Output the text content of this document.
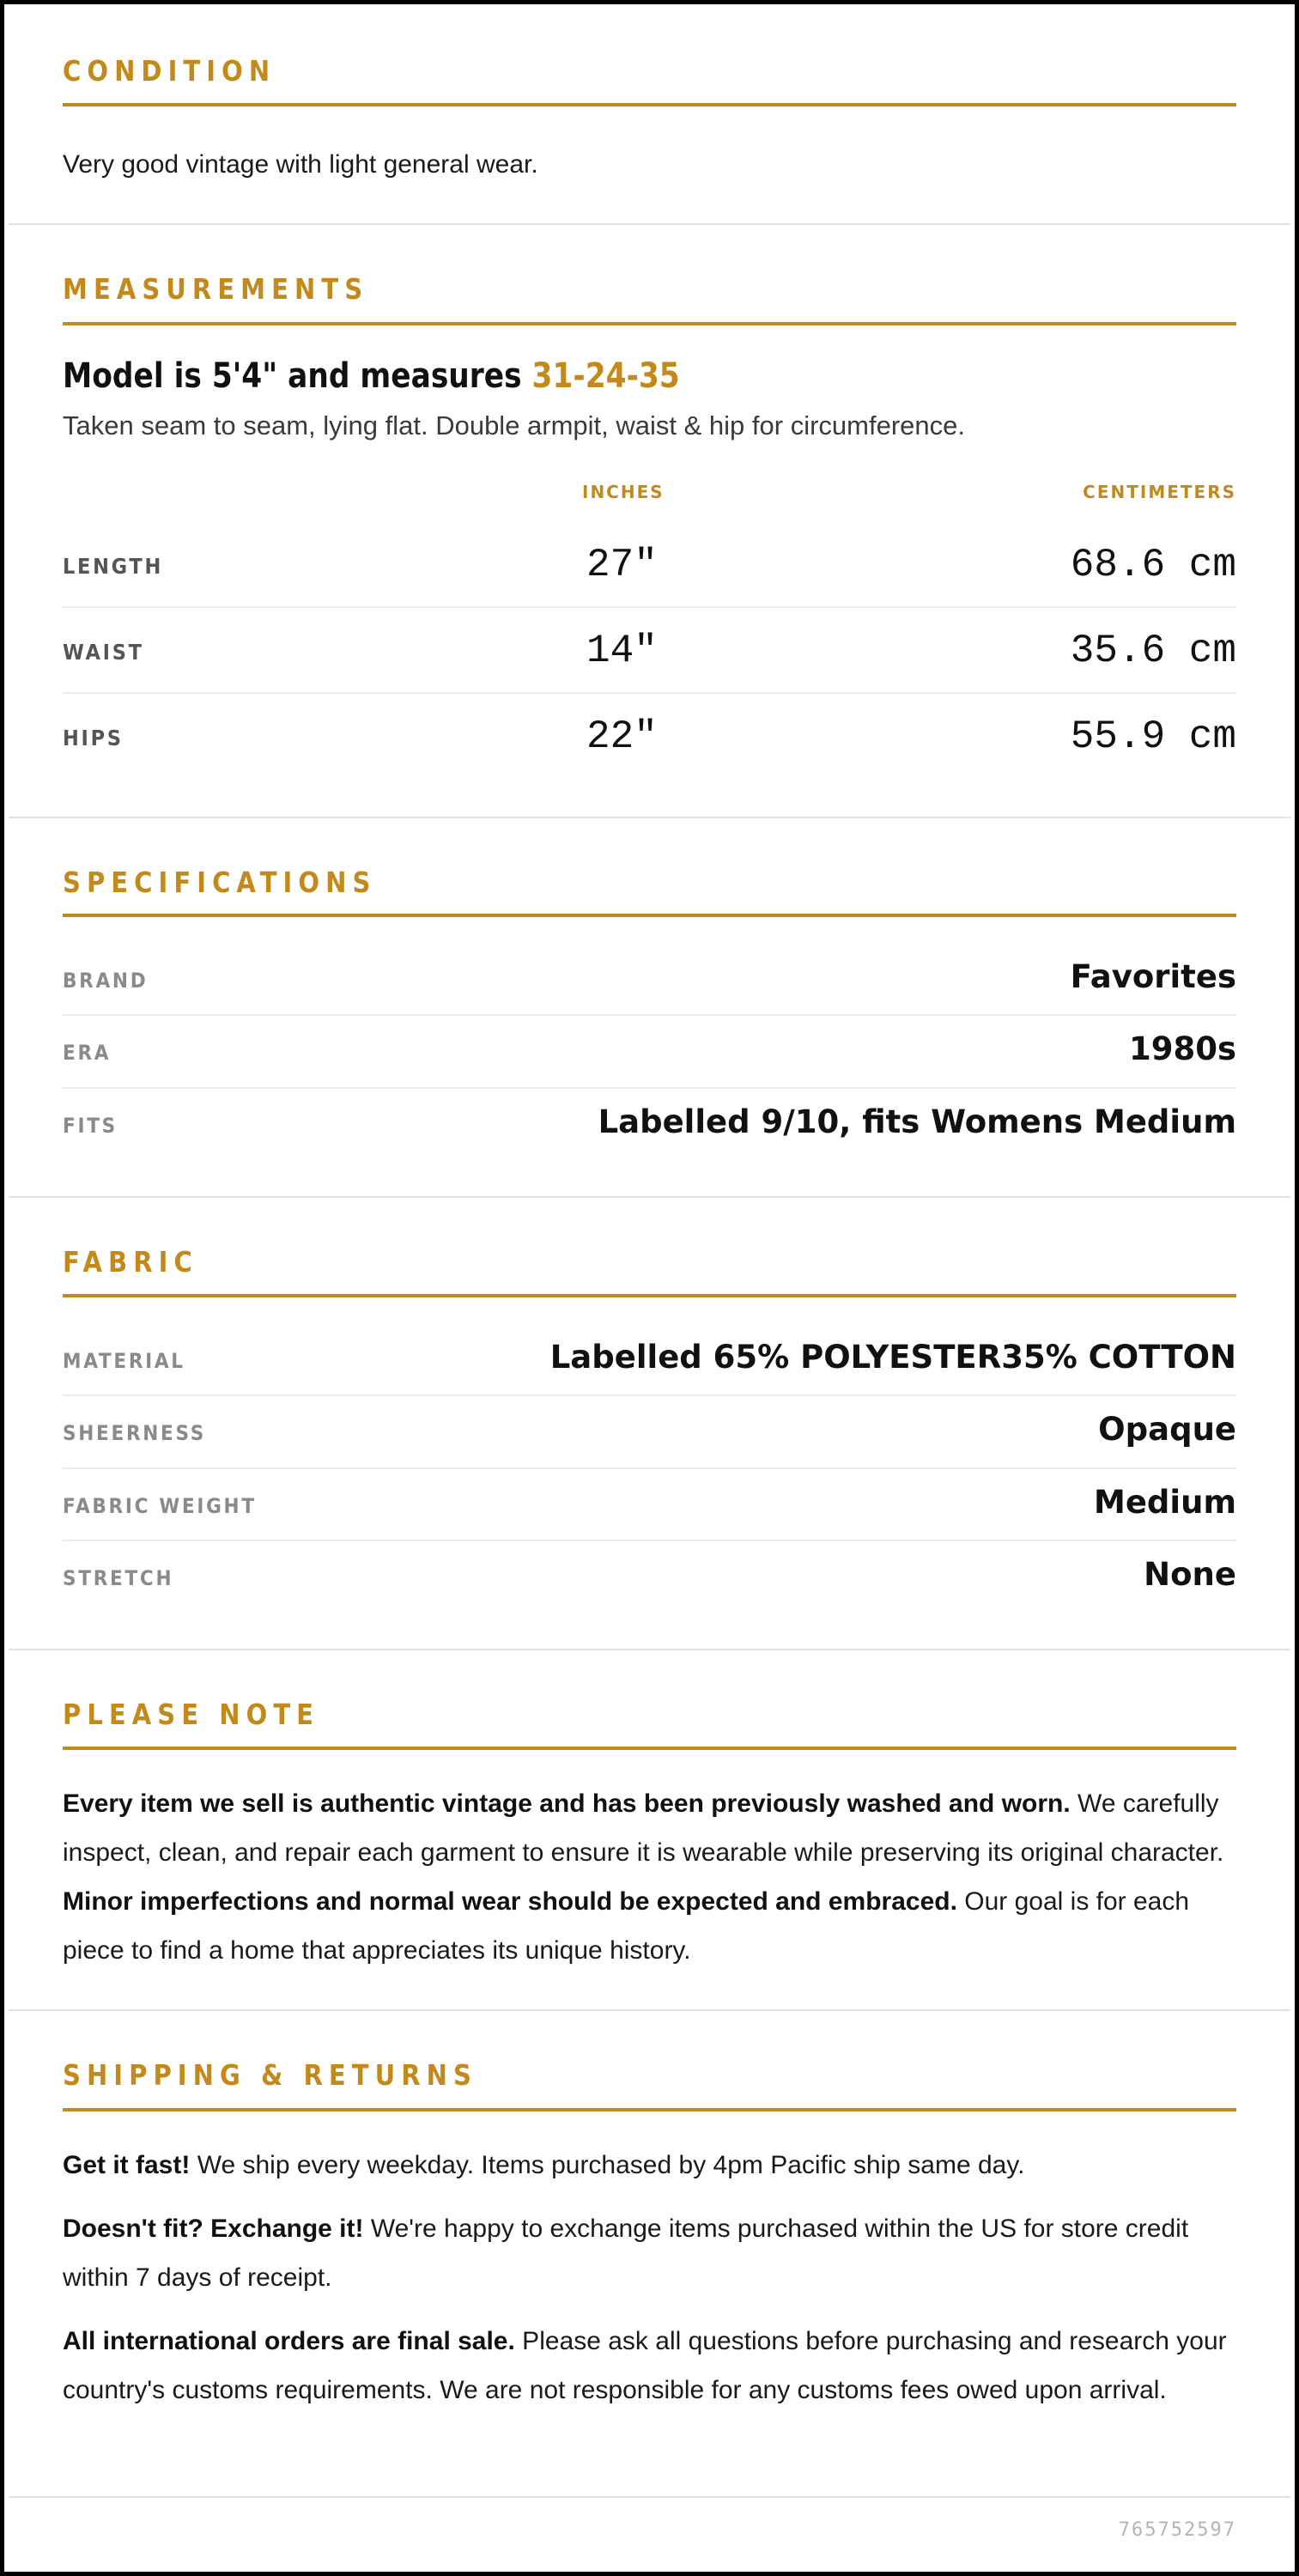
CONDITION

Very good vintage with light general wear.

MEASUREMENTS
Model is 5'4" and measures 31-24-35
Taken seam to seam, lying flat. Double armpit, waist & hip for circumference.
INCHES	CENTIMETERS
LENGTH	27"	68.6 cm
WAIST	14"	35.6 cm
HIPS	22"	55.9 cm
SPECIFICATIONS
BRAND	Favorites
ERA	1980s
FITS	Labelled 9/10, fits Womens Medium
FABRIC
MATERIAL	Labelled 65% POLYESTER35% COTTON
SHEERNESS	Opaque
FABRIC WEIGHT	Medium
STRETCH	None
PLEASE NOTE

Every item we sell is authentic vintage and has been previously washed and worn. We carefully inspect, clean, and repair each garment to ensure it is wearable while preserving its original character. Minor imperfections and normal wear should be expected and embraced. Our goal is for each piece to find a home that appreciates its unique history.

SHIPPING & RETURNS

Get it fast! We ship every weekday. Items purchased by 4pm Pacific ship same day.

Doesn't fit? Exchange it! We're happy to exchange items purchased within the US for store credit within 7 days of receipt.

All international orders are final sale. Please ask all questions before purchasing and research your country's customs requirements. We are not responsible for any customs fees owed upon arrival.

765752597
